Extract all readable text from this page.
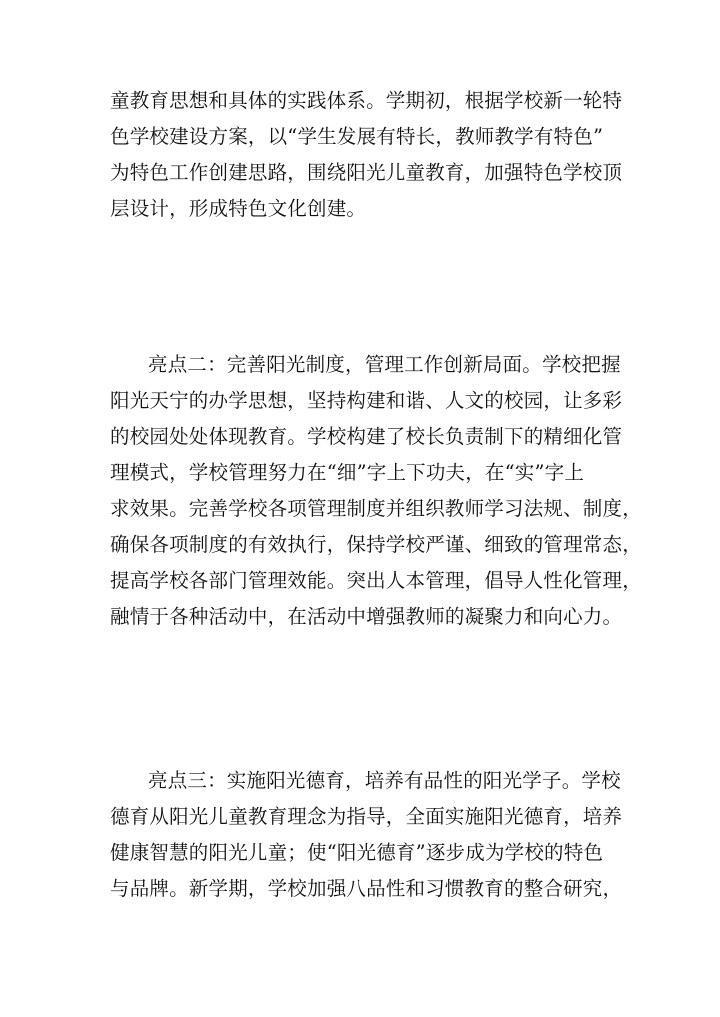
童教育思想和具体的实践体系。学期初，根据学校新一轮特
色学校建设方案，以“学生发展有特长，教师教学有特色”
为特色工作创建思路，围绕阳光儿童教育，加强特色学校顶
层设计，形成特色文化创建。
亮点二：完善阳光制度，管理工作创新局面。学校把握
阳光天宁的办学思想，坚持构建和谐、人文的校园，让多彩
的校园处处体现教育。学校构建了校长负责制下的精细化管
理模式，学校管理努力在“细”字上下功夫，在“实”字上
求效果。完善学校各项管理制度并组织教师学习法规、制度，
确保各项制度的有效执行，保持学校严谨、细致的管理常态，
提高学校各部门管理效能。突出人本管理，倡导人性化管理，
融情于各种活动中，在活动中增强教师的凝聚力和向心力。
亮点三：实施阳光德育，培养有品性的阳光学子。学校
德育从阳光儿童教育理念为指导，全面实施阳光德育，培养
健康智慧的阳光儿童；使“阳光德育”逐步成为学校的特色
与品牌。新学期，学校加强八品性和习惯教育的整合研究，
